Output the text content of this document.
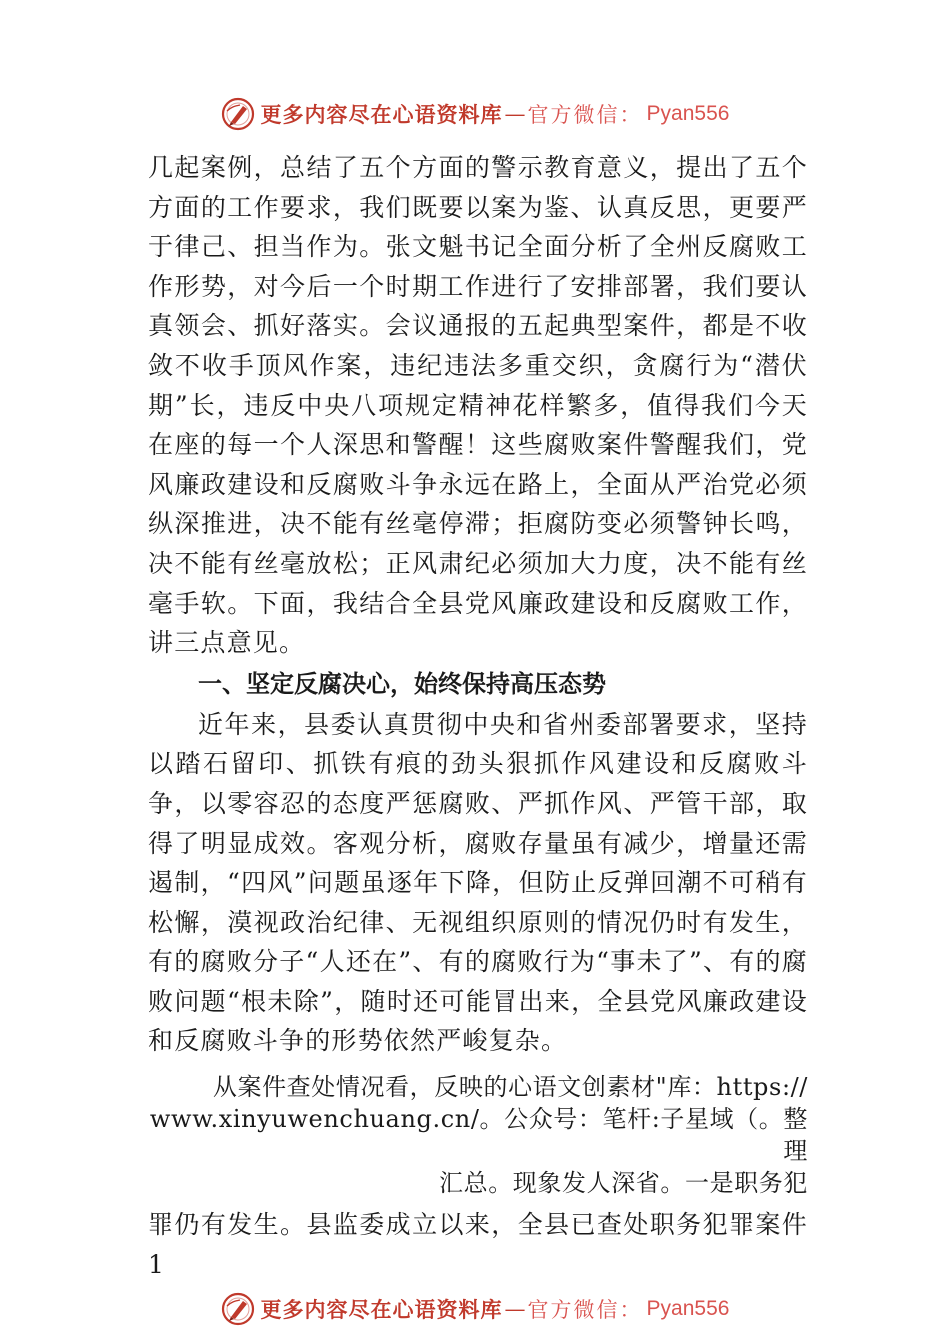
更多内容尽在心语资料库 — 官方微信： Pyan556

几起案例，总结了五个方面的警示教育意义，提出了五个方面的工作要求，我们既要以案为鉴、认真反思，更要严于律己、担当作为。张文魁书记全面分析了全州反腐败工作形势，对今后一个时期工作进行了安排部署，我们要认真领会、抓好落实。会议通报的五起典型案件，都是不收敛不收手顶风作案，违纪违法多重交织，贪腐行为“潜伏期”长，违反中央八项规定精神花样繁多，值得我们今天在座的每一个人深思和警醒！这些腐败案件警醒我们，党风廉政建设和反腐败斗争永远在路上，全面从严治党必须纵深推进，决不能有丝毫停滞；拒腐防变必须警钟长鸣，决不能有丝毫放松；正风肃纪必须加大力度，决不能有丝毫手软。下面，我结合全县党风廉政建设和反腐败工作，讲三点意见。

一、坚定反腐决心，始终保持高压态势

近年来，县委认真贯彻中央和省州委部署要求，坚持以踏石留印、抓铁有痕的劲头狠抓作风建设和反腐败斗争，以零容忍的态度严惩腐败、严抓作风、严管干部，取得了明显成效。客观分析，腐败存量虽有减少，增量还需遏制，“四风”问题虽逐年下降，但防止反弹回潮不可稍有松懈，漠视政治纪律、无视组织原则的情况仍时有发生，有的腐败分子“人还在”、有的腐败行为“事未了”、有的腐败问题“根未除”，随时还可能冒出来，全县党风廉政建设和反腐败斗争的形势依然严峻复杂。

从案件查处情况看，反映的心语文创素材"库：https://
www.xinyuwenchuang.cn/。公众号：笔杆:子星域（。整理
汇总。现象发人深省。一是职务犯
罪仍有发生。县监委成立以来，全县已查处职务犯罪案件 1
更多内容尽在心语资料库 — 官方微信： Pyan556
